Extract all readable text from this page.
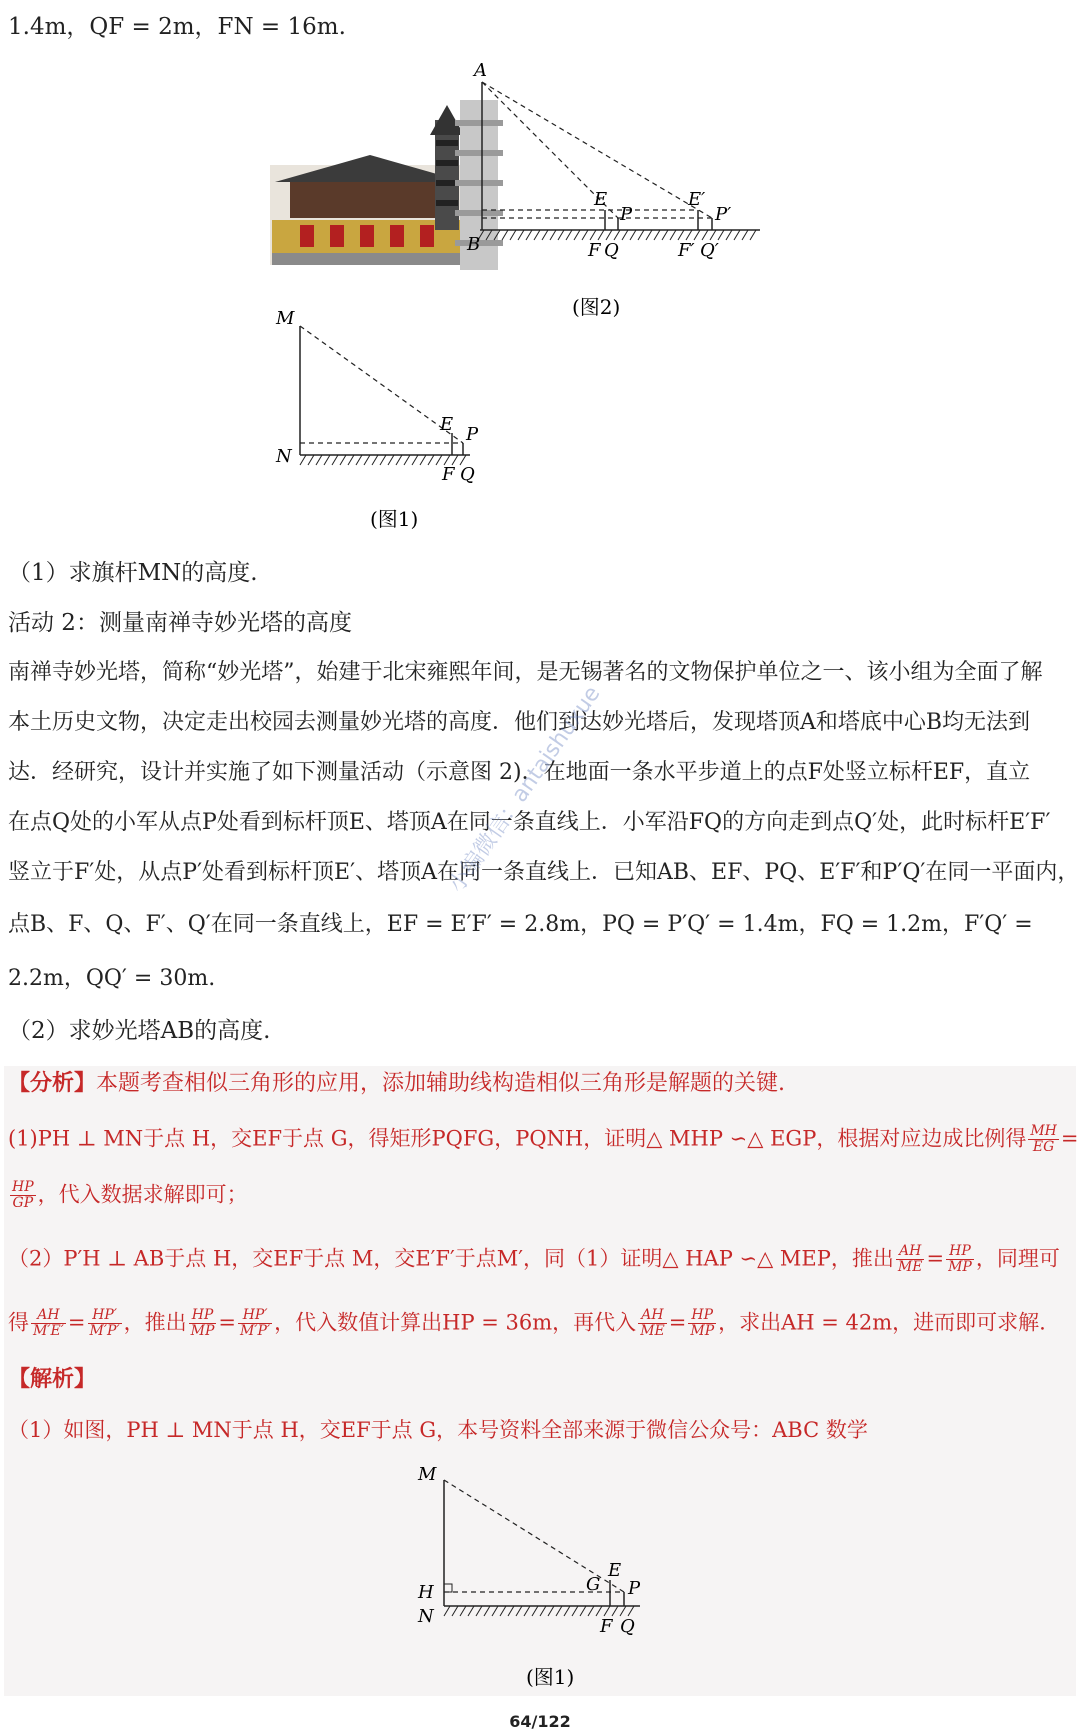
1.4m，QF = 2m，FN = 16m.
A
B
E
P
F Q
E′
P′
F′ Q′
(图2)
M
N
E P
F Q
(图1)
（1）求旗杆MN的高度.
活动 2：测量南禅寺妙光塔的高度
南禅寺妙光塔，简称“妙光塔”，始建于北宋雍熙年间，是无锡著名的文物保护单位之一、该小组为全面了解
本土历史文物，决定走出校园去测量妙光塔的高度．他们到达妙光塔后，发现塔顶A和塔底中心B均无法到
达．经研究，设计并实施了如下测量活动（示意图 2)．在地面一条水平步道上的点F处竖立标杆EF，直立
在点Q处的小军从点P处看到标杆顶E、塔顶A在同一条直线上．小军沿FQ的方向走到点Q′处，此时标杆E′F′
竖立于F′处，从点P′处看到标杆顶E′、塔顶A在同一条直线上．已知AB、EF、PQ、E′F′和P′Q′在同一平面内，
点B、F、Q、F′、Q′在同一条直线上，EF = E′F′ = 2.8m，PQ = P′Q′ = 1.4m，FQ = 1.2m，F′Q′ =
2.2m，QQ′ = 30m.
（2）求妙光塔AB的高度.
小编微信：antaishuxue
【分析】本题考查相似三角形的应用，添加辅助线构造相似三角形是解题的关键.
(1)PH ⊥ MN于点 H，交EF于点 G，得矩形PQFG，PQNH，证明△ MHP ∽△ EGP，根据对应边成比例得 $\frac{MH}{EG}$ =
$\frac{HP}{GP}$ ，代入数据求解即可；
（2）P′H ⊥ AB于点 H，交EF于点 M，交E′F′于点M′，同（1）证明△ HAP ∽△ MEP，推出 $\frac{AH}{ME} = \frac{HP}{MP}$ ，同理可
得 $\frac{AH}{M'E'} = \frac{HP'}{M'P'}$ ，推出 $\frac{HP}{MP} = \frac{HP'}{M'P'}$ ，代入数值计算出HP = 36m，再代入 $\frac{AH}{ME} = \frac{HP}{MP}$ ，求出AH = 42m，进而即可求解.
【解析】
（1）如图，PH ⊥ MN于点 H，交EF于点 G，本号资料全部来源于微信公众号：ABC 数学
M
H
N
G
E
P
F Q
(图1)
64/122
